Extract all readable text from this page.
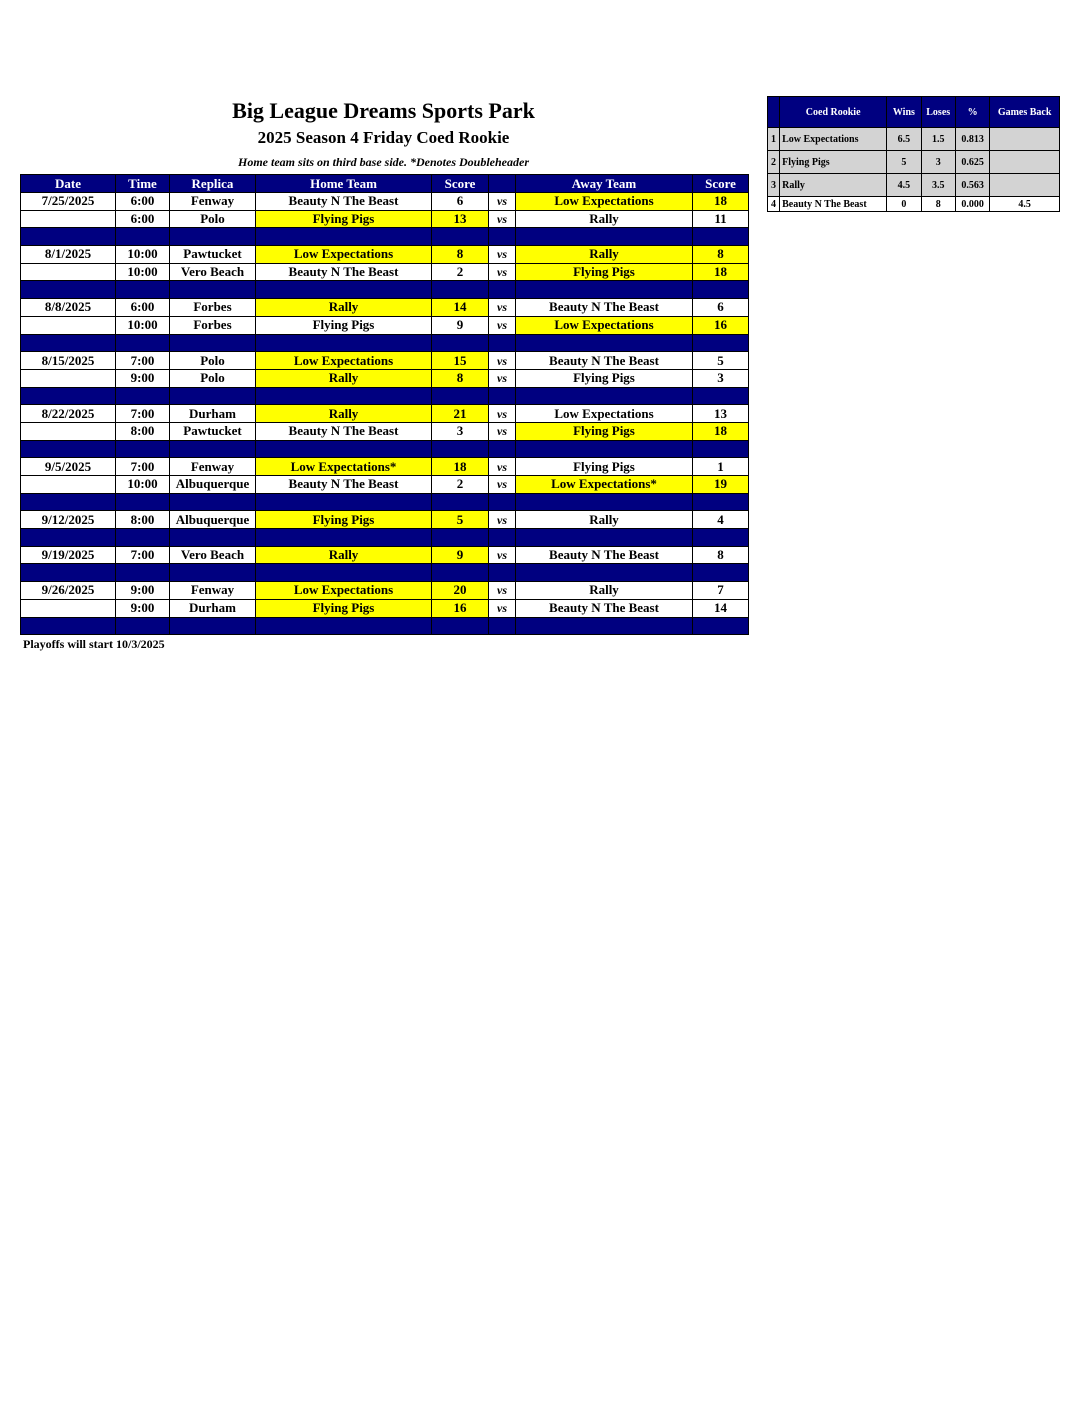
Big League Dreams Sports Park
2025 Season 4 Friday Coed Rookie
Home team sits on third base side. *Denotes Doubleheader
Date	Time	Replica	Home Team	Score		Away Team	Score
7/25/2025	6:00	Fenway	Beauty N The Beast	6	vs	Low Expectations	18
	6:00	Polo	Flying Pigs	13	vs	Rally	11

8/1/2025	10:00	Pawtucket	Low Expectations	8	vs	Rally	8
	10:00	Vero Beach	Beauty N The Beast	2	vs	Flying Pigs	18

8/8/2025	6:00	Forbes	Rally	14	vs	Beauty N The Beast	6
	10:00	Forbes	Flying Pigs	9	vs	Low Expectations	16

8/15/2025	7:00	Polo	Low Expectations	15	vs	Beauty N The Beast	5
	9:00	Polo	Rally	8	vs	Flying Pigs	3

8/22/2025	7:00	Durham	Rally	21	vs	Low Expectations	13
	8:00	Pawtucket	Beauty N The Beast	3	vs	Flying Pigs	18

9/5/2025	7:00	Fenway	Low Expectations*	18	vs	Flying Pigs	1
	10:00	Albuquerque	Beauty N The Beast	2	vs	Low Expectations*	19

9/12/2025	8:00	Albuquerque	Flying Pigs	5	vs	Rally	4

9/19/2025	7:00	Vero Beach	Rally	9	vs	Beauty N The Beast	8

9/26/2025	9:00	Fenway	Low Expectations	20	vs	Rally	7
	9:00	Durham	Flying Pigs	16	vs	Beauty N The Beast	14

Playoffs will start 10/3/2025
	Coed Rookie	Wins	Loses	%	Games Back
1	Low Expectations	6.5	1.5	0.813	
2	Flying Pigs	5	3	0.625	
3	Rally	4.5	3.5	0.563	
4	Beauty N The Beast	0	8	0.000	4.5
